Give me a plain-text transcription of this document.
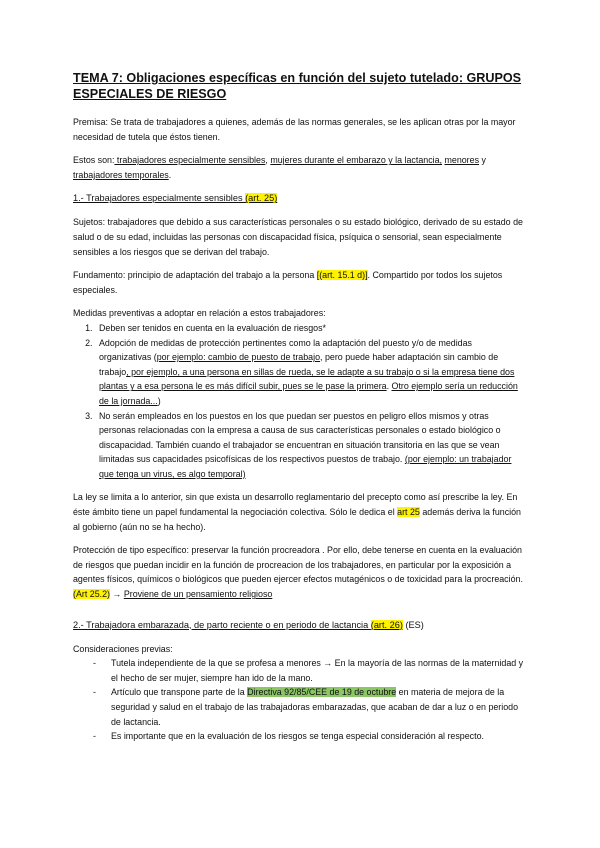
TEMA 7: Obligaciones específicas en función del sujeto tutelado: GRUPOS ESPECIALES DE RIESGO

Premisa: Se trata de trabajadores a quienes, además de las normas generales, se les aplican otras por la mayor necesidad de tutela que éstos tienen.

Estos son: trabajadores especialmente sensibles, mujeres durante el embarazo y la lactancia, menores y trabajadores temporales.

1.- Trabajadores especialmente sensibles (art. 25)

Sujetos: trabajadores que debido a sus características personales o su estado biológico, derivado de su estado de salud o de su edad, incluidas las personas con discapacidad física, psíquica o sensorial, sean especialmente sensibles a los riesgos que se derivan del trabajo.

Fundamento: principio de adaptación del trabajo a la persona [(art. 15.1 d)]. Compartido por todos los sujetos especiales.

Medidas preventivas a adoptar en relación a estos trabajadores:

1. Deben ser tenidos en cuenta en la evaluación de riesgos*
2. Adopción de medidas de protección pertinentes como la adaptación del puesto y/o de medidas organizativas (por ejemplo: cambio de puesto de trabajo, pero puede haber adaptación sin cambio de trabajo, por ejemplo, a una persona en sillas de rueda, se le adapte a su trabajo o si la empresa tiene dos plantas y a esa persona le es más difícil subir, pues se le pase la primera. Otro ejemplo sería un reducción de la jornada...)
3. No serán empleados en los puestos en los que puedan ser puestos en peligro ellos mismos y otras personas relacionadas con la empresa a causa de sus características personales o estado biológico o discapacidad. También cuando el trabajador se encuentran en situación transitoria en las que se vean limitadas sus capacidades psicofísicas de los respectivos puestos de trabajo. (por ejemplo: un trabajador que tenga un virus, es algo temporal)

La ley se limita a lo anterior, sin que exista un desarrollo reglamentario del precepto como así prescribe la ley. En éste ámbito tiene un papel fundamental la negociación colectiva. Sólo le dedica el art 25 además deriva la función al gobierno (aún no se ha hecho).

Protección de tipo específico: preservar la función procreadora . Por ello, debe tenerse en cuenta en la evaluación de riesgos que puedan incidir en la función de procreacion de los trabajadores, en particular por la exposición a agentes físicos, químicos o biológicos que pueden ejercer efectos mutagénicos o de toxicidad para la procreación. (Art 25.2) → Proviene de un pensamiento religioso

2.- Trabajadora embarazada, de parto reciente o en periodo de lactancia (art. 26) (ES)

Consideraciones previas:

- Tutela independiente de la que se profesa a menores → En la mayoría de las normas de la maternidad y el hecho de ser mujer, siempre han ido de la mano.
- Artículo que transpone parte de la Directiva 92/85/CEE de 19 de octubre en materia de mejora de la seguridad y salud en el trabajo de las trabajadoras embarazadas, que acaban de dar a luz o en periodo de lactancia.
- Es importante que en la evaluación de los riesgos se tenga especial consideración al respecto.
